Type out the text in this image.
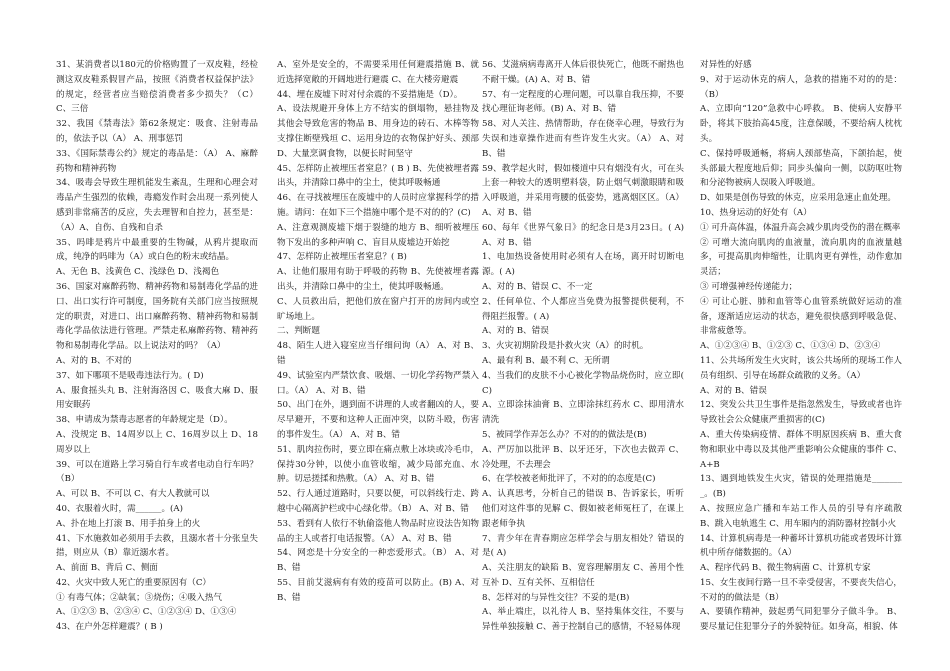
31、某消费者以180元的价格购置了一双皮鞋，经检测这双皮鞋系假冒产品，按照《消费者权益保护法》的规定，经营者应当赔偿消费者多少损失？（C）C、三倍

32、我国《禁毒法》第62条规定：吸食、注射毒品的，依法予以（A） A、刑事惩罚

33、《国际禁毒公约》规定的毒品是：（A） A、麻醉药物和精神药物

34、吸毒会导致生理机能发生紊乱，生理和心理会对毒品产生强烈的依赖，毒瘾发作时会出现一系列使人感到非常痛苦的反应，失去理智和自控力，甚至是：（A）A、自伤、自残和自杀

35、吗啡是鸦片中最重要的生物碱，从鸦片提取而成，纯净的吗啡为（A）或白色的粉末或结晶。

A、无色 B、浅黄色 C、浅绿色 D、浅褐色

36、国家对麻醉药物、精神药物和易制毒化学品的进口、出口实行许可制度，国务院有关部门应当按照规定的职责，对进口、出口麻醉药物、精神药物和易制毒化学品依法进行管理。严禁走私麻醉药物、精神药物和易制毒化学品。以上说法对的吗？（A）

A、对的 B、不对的

37、如下哪项不是吸毒违法行为。( D)

A、服食摇头丸 B、注射海洛因 C、吸食大麻 D、服用安眠药

38、申请成为禁毒志愿者的年龄规定是（D）。

A、没规定 B、14周岁以上 C、16周岁以上 D、18周岁以上

39、可以在道路上学习骑自行车或者电动自行车吗？（B）

A、可以 B、不可以 C、有大人教就可以

40、衣服着火时，需______。(A)

A、扑在地上打滚 B、用手拍身上的火

41、下水施救如必须用手去救，且溺水者十分张皇失措，则应从（B）靠近溺水者。

A、前面 B、背后 C、侧面

42、火灾中致人死亡的重要原因有（C）

① 有毒气体；②缺氧；③烧伤；④吸入热气

A、①②③ B、②③④ C、①②③④ D、①③④

43、在户外怎样避震？( B )

A、室外是安全的，不需要采用任何避震措施 B、就近选择宽敞的开阔地进行避震 C、在大楼旁避震

44、埋在废墟下时对付余震的不妥措施是（D）。

A、设法规避开身体上方不结实的倒塌物，悬挂物及其他会导致危害的物品 B、用身边的砖石、木棒等物支撑住断壁残垣 C、运用身边的衣物保护好头、颈部 D、大量烹调食物，以便长时间坚守

45、怎样防止被埋压者窒息？( B ) B、先使被埋者露出头，并清除口鼻中的尘土，使其呼吸畅通

46、在寻找被埋压在废墟中的人员时应掌握科学的措施。请问：在如下三个措施中哪个是不对的的？(C)

A、注意观测废墟下烟于裂缝的地方 B、细听被埋压物下发出的多种声响 C、盲目从废墟边开始挖

47、怎样防止被埋压者窒息？( B)

A、让他们服用有助于呼吸的药物 B、先使被埋者露出头，并清除口鼻中的尘土，使其呼吸畅通。

C、人员救出后，把他们放在窗户打开的房间内或空旷场地上。

二、判断题

48、陌生人进入寝室应当仔细问询（A） A、对 B、错

49、试验室内严禁饮食、吸烟、一切化学药物严禁入口。（A） A、对 B、错

50、出门在外，遇到面不讲理的人或者翻凶的人，要尽早避开，不要和这种人正面冲突，以防斗殴，伤害的事件发生。（A） A、对 B、错

51、肌肉拉伤时，要立即在痛点敷上冰块或冷毛巾，保持30分钟，以使小血管收缩，减少局部充血、水肿。切忌搓揉和热敷。（A） A、对 B、错

52、行人通过道路时，只要以便，可以斜线行走、跨越中心隔离护栏或中心绿化带。（B） A、对 B、错

53、看到有人依行不轨偷盗他人物品时应设法告知物品的主人或者打电话报警。（A） A、对 B、错

54、网恋是十分安全的一种恋爱形式。（B） A、对 B、错

55、目前艾滋病有有效的疫苗可以防止。(B) A、对 B、错

56、艾滋病病毒离开人体后很快死亡，他既不耐热也不耐干燥。(A) A、对 B、错

57、有一定程度的心理问题，可以靠自我压抑，不要找心理征询老师。(B) A、对 B、错

58、对人关注、热情帮助，存在侥幸心理，导致行为失误和违章操作进而有些许发生火灾。（A） A、对 B、错

59、教学起火时，假如楼道中只有烟没有火，可在头上套一种较大的透明塑料袋，防止烟气刺激眼睛和吸入呼吸道，并采用弯腰的低姿势，逃离烟区区。（A） A、对 B、错

60、每年《世界气象日》的纪念日是3月23日。( A) A、对 B、错

1、电加热设备使用时必须有人在场，离开时切断电源。( A)

A、对的 B、错误 C、不一定

2、任何单位、个人都应当免费为报警提供便利，不得阻拦报警。( A)

A、对的 B、错误

3、火灾初期阶段是扑救火灾（A）的时机。

A、最有利 B、最不利 C、无所谓

4、当我们的皮肤不小心被化学物品烧伤时，应立即( C)

A、立即涂抹油膏 B、立即涂抹红药水 C、即用清水清洗

5、被同学作弄怎么办？不对的的做法是(B)

A、严厉加以批评 B、以牙还牙，下次也去做弄 C、冷处理，不去理会

6、在学校被老师批评了，不对的的态度是(C)

A、认真思考，分析自己的错误 B、告诉家长，听听他们对这件事的见解 C、假如被老师冤枉了，在课上跟老师争执

7、青少年在青春期应怎样学会与朋友相处？错误的是( A)

A、关注朋友的缺陷 B、宽容理解朋友 C、善用个性互补 D、互有关怀、互相信任

8、怎样对的与异性交往？不妥的是(B)

A、举止端庄，以礼待人 B、坚持集体交往，不要与异性单独接触 C、善于控制自己的感情，不轻易体现

对异性的好感

9、对于运动休克的病人，急救的措施不对的的是：（B）

A、立即向“120”急救中心呼救。 B、使病人安静平卧，将其下肢抬高45度，注意保暖，不要给病人枕枕头。

C、保持呼吸通畅，将病人颈部垫高，下颌抬起，使头部最大程度地后仰；同步头偏向一侧，以防呕吐物和分泌物被病人误吸入呼吸道。

D、如果是创伤导致的休克，应采用急速止血处理。

10、热身运动的好处有（A）

① 可升高体温，体温升高会减少肌肉受伤的潜在概率

② 可增大流向肌肉的血液量，流向肌肉的血液量越多，可提高肌肉伸缩性，让肌肉更有弹性，动作愈加灵活；

③ 可增强神经传递能力；

④ 可让心脏、肺和血管等心血管系统做好运动的准备，逐渐适应运动的状态，避免很快感到呼吸急促、非常疲惫等。

A、①②③④ B、①②③ C、①③④ D、②③④

11、公共场所发生火灾时，该公共场所的现场工作人员有组织、引导在场群众疏散的义务。（A）

A、对的 B、错误

12、突发公共卫生事件是指忽然发生，导致或者也许导致社会公众健康严重损害的(C)

A、重大传染病疫情、群体不明原因疾病 B、重大食物和职业中毒以及其他严重影响公众健康的事件 C、A+B

13、遇到地铁发生火灾，错误的处理措施是________。(B)

A、按照应急广播和车站工作人员的引导有序疏散 B、跳入电轨逃生 C、用车厢内的消防器材控制小火

14、计算机病毒是一种蓄坏计算机功能或者毁坏计算机中所存储数据的。（A）

A、程序代码 B、微生物病菌 C、计算机专家

15、女生夜间行路一旦不幸受侵害，不要丧失信心，不对的的做法是（B）

A、要镇作精神，鼓起勇气同犯罪分子做斗争。 B、要尽量记住犯罪分子的外貌特征。如身高，相貌、体
